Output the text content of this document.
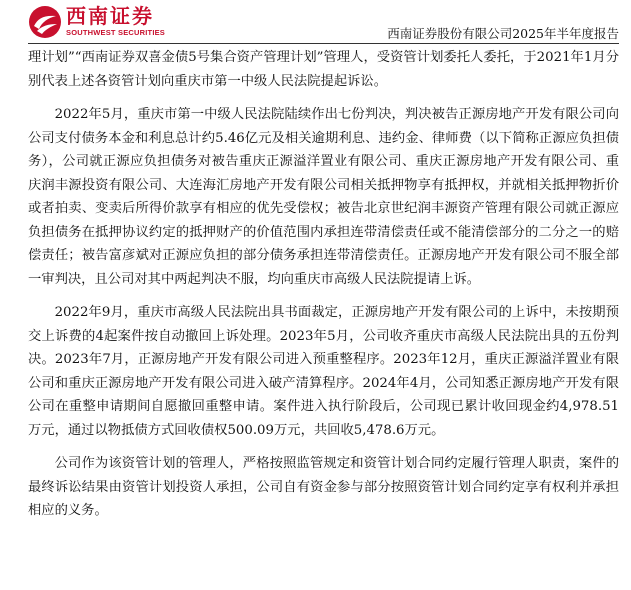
西南证券
SOUTHWEST SECURITIES	西南证券股份有限公司2025年半年度报告

理计划”“西南证券双喜金债5号集合资产管理计划”管理人，受资管计划委托人委托，于2021年1月分别代表上述各资管计划向重庆市第一中级人民法院提起诉讼。

2022年5月，重庆市第一中级人民法院陆续作出七份判决，判决被告正源房地产开发有限公司向公司支付债务本金和利息总计约5.46亿元及相关逾期利息、违约金、律师费（以下简称正源应负担债务），公司就正源应负担债务对被告重庆正源溢洋置业有限公司、重庆正源房地产开发有限公司、重庆润丰源投资有限公司、大连海汇房地产开发有限公司相关抵押物享有抵押权，并就相关抵押物折价或者拍卖、变卖后所得价款享有相应的优先受偿权；被告北京世纪润丰源资产管理有限公司就正源应负担债务在抵押协议约定的抵押财产的价值范围内承担连带清偿责任或不能清偿部分的二分之一的赔偿责任；被告富彦斌对正源应负担的部分债务承担连带清偿责任。正源房地产开发有限公司不服全部一审判决，且公司对其中两起判决不服，均向重庆市高级人民法院提请上诉。

2022年9月，重庆市高级人民法院出具书面裁定，正源房地产开发有限公司的上诉中，未按期预交上诉费的4起案件按自动撤回上诉处理。2023年5月，公司收齐重庆市高级人民法院出具的五份判决。2023年7月，正源房地产开发有限公司进入预重整程序。2023年12月，重庆正源溢洋置业有限公司和重庆正源房地产开发有限公司进入破产清算程序。2024年4月，公司知悉正源房地产开发有限公司在重整申请期间自愿撤回重整申请。案件进入执行阶段后，公司现已累计收回现金约4,978.51万元，通过以物抵债方式回收债权500.09万元，共回收5,478.6万元。

公司作为该资管计划的管理人，严格按照监管规定和资管计划合同约定履行管理人职责，案件的最终诉讼结果由资管计划投资人承担，公司自有资金参与部分按照资管计划合同约定享有权利并承担相应的义务。
